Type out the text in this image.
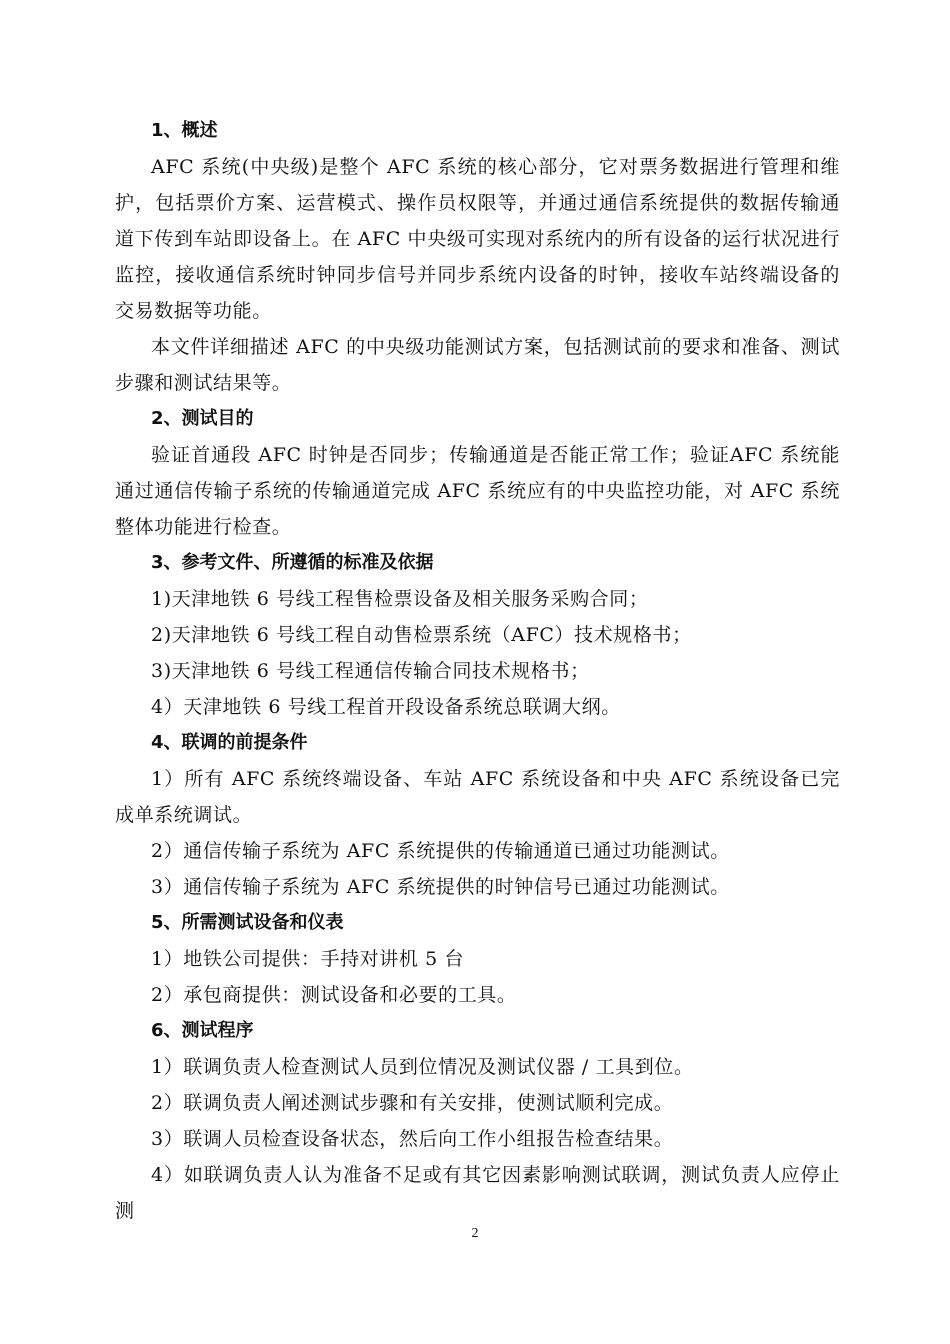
1、概述

AFC 系统(中央级)是整个 AFC 系统的核心部分，它对票务数据进行管理和维护，包括票价方案、运营模式、操作员权限等，并通过通信系统提供的数据传输通道下传到车站即设备上。在 AFC 中央级可实现对系统内的所有设备的运行状况进行监控，接收通信系统时钟同步信号并同步系统内设备的时钟，接收车站终端设备的交易数据等功能。

本文件详细描述 AFC 的中央级功能测试方案，包括测试前的要求和准备、测试步骤和测试结果等。

2、测试目的

验证首通段 AFC 时钟是否同步；传输通道是否能正常工作；验证AFC 系统能通过通信传输子系统的传输通道完成 AFC 系统应有的中央监控功能，对 AFC 系统整体功能进行检查。

3、参考文件、所遵循的标准及依据

1)天津地铁 6 号线工程售检票设备及相关服务采购合同；

2)天津地铁 6 号线工程自动售检票系统（AFC）技术规格书；

3)天津地铁 6 号线工程通信传输合同技术规格书；

4）天津地铁 6 号线工程首开段设备系统总联调大纲。

4、联调的前提条件

1）所有 AFC 系统终端设备、车站 AFC 系统设备和中央 AFC 系统设备已完成单系统调试。

2）通信传输子系统为 AFC 系统提供的传输通道已通过功能测试。

3）通信传输子系统为 AFC 系统提供的时钟信号已通过功能测试。

5、所需测试设备和仪表

1）地铁公司提供：手持对讲机 5 台

2）承包商提供：测试设备和必要的工具。

6、测试程序

1）联调负责人检查测试人员到位情况及测试仪器 / 工具到位。

2）联调负责人阐述测试步骤和有关安排，使测试顺利完成。

3）联调人员检查设备状态，然后向工作小组报告检查结果。

4）如联调负责人认为准备不足或有其它因素影响测试联调，测试负责人应停止测

2
